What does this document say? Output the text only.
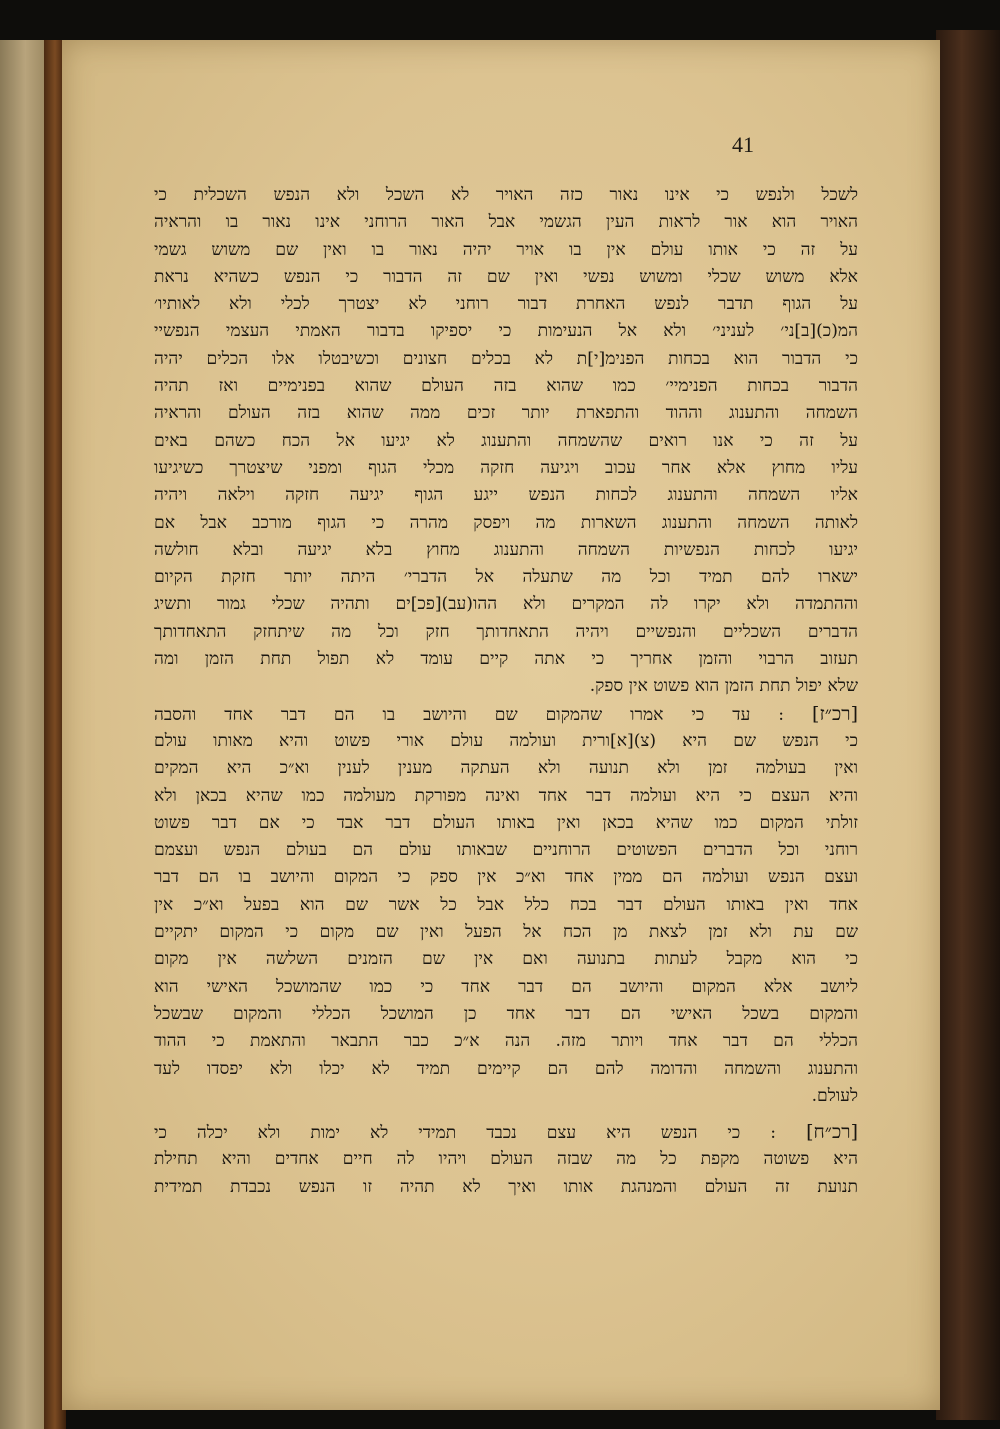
41
לשכל ולנפש כי אינו נאור כזה האויר לא השכל ולא הנפש השכלית כי
האויר הוא אור לראות העין הגשמי אבל האור הרוחני אינו נאור בו והראיה
על זה כי אותו עולם אין בו אויר יהיה נאור בו ואין שם משוש גשמי
אלא משוש שכלי ומשוש נפשי ואין שם זה הדבור כי הנפש כשהיא נראת
על הגוף תדבר לנפש האחרת דבור רוחני לא יצטרך לכלי ולא לאותיו׳
המ(כ)[ב]ני׳ לעניני׳ ולא אל הנעימות כי יספיקו בדבור האמתי העצמי הנפשיי
כי הדבור הוא בכחות הפנימ[י]ת לא בכלים חצונים וכשיבטלו אלו הכלים יהיה
הדבור בכחות הפנימיי׳ כמו שהוא בזה העולם שהוא בפנימיים ואז תהיה
השמחה והתענוג וההוד והתפארת יותר זכים ממה שהוא בזה העולם והראיה
על זה כי אנו רואים שהשמחה והתענוג לא יגיעו אל הכח כשהם באים
עליו מחוץ אלא אחר עכוב ויגיעה חזקה מכלי הגוף ומפני שיצטרך כשיגיעו
אליו השמחה והתענוג לכחות הנפש ייגע הגוף יגיעה חזקה וילאה ויהיה
לאותה השמחה והתענוג השארות מה ויפסק מהרה כי הגוף מורכב אבל אם
יגיעו לכחות הנפשיות השמחה והתענוג מחוץ בלא יגיעה ובלא חולשה
ישארו להם תמיד וכל מה שתעלה אל הדברי׳ היתה יותר חזקת הקיום
וההתמדה ולא יקרו לה המקרים ולא ההו(עב)[פכ]ים ותהיה שכלי גמור ותשיג
הדברים השכליים והנפשיים ויהיה התאחדותך חזק וכל מה שיתחזק התאחדותך
תעזוב הרבוי והזמן אחריך כי אתה קיים עומד לא תפול תחת הזמן ומה
שלא יפול תחת הזמן הוא פשוט אין ספק.
[רכ״ז] : עד כי אמרו שהמקום שם והיושב בו הם דבר אחד והסבה
כי הנפש שם היא (צ)[א]ורית ועולמה עולם אורי פשוט והיא מאותו עולם
ואין בעולמה זמן ולא תנועה ולא העתקה מענין לענין וא״כ היא המקים
והיא העצם כי היא ועולמה דבר אחד ואינה מפורקת מעולמה כמו שהיא בכאן ולא
זולתי המקום כמו שהיא בכאן ואין באותו העולם דבר אבד כי אם דבר פשוט
רוחני וכל הדברים הפשוטים הרוחניים שבאותו עולם הם בעולם הנפש ועצמם
ועצם הנפש ועולמה הם ממין אחד וא״כ אין ספק כי המקום והיושב בו הם דבר
אחד ואין באותו העולם דבר בכח כלל אבל כל אשר שם הוא בפעל וא״כ אין
שם עת ולא זמן לצאת מן הכח אל הפעל ואין שם מקום כי המקום יתקיים
כי הוא מקבל לעתות בתנועה ואם אין שם הזמנים השלשה אין מקום
ליושב אלא המקום והיושב הם דבר אחד כי כמו שהמושכל האישי הוא
והמקום בשכל האישי הם דבר אחד כן המושכל הכללי והמקום שבשכל
הכללי הם דבר אחד ויותר מזה. הנה א״כ כבר התבאר והתאמת כי ההוד
והתענוג והשמחה והדומה להם הם קיימים תמיד לא יכלו ולא יפסדו לעד
לעולם.
[רכ״ח] : כי הנפש היא עצם נכבד תמידי לא ימות ולא יכלה כי
היא פשוטה מקפת כל מה שבזה העולם ויהיו לה חיים אחדים והיא תחילת
תנועת זה העולם והמנהגת אותו ואיך לא תהיה זו הנפש נכבדת תמידית
